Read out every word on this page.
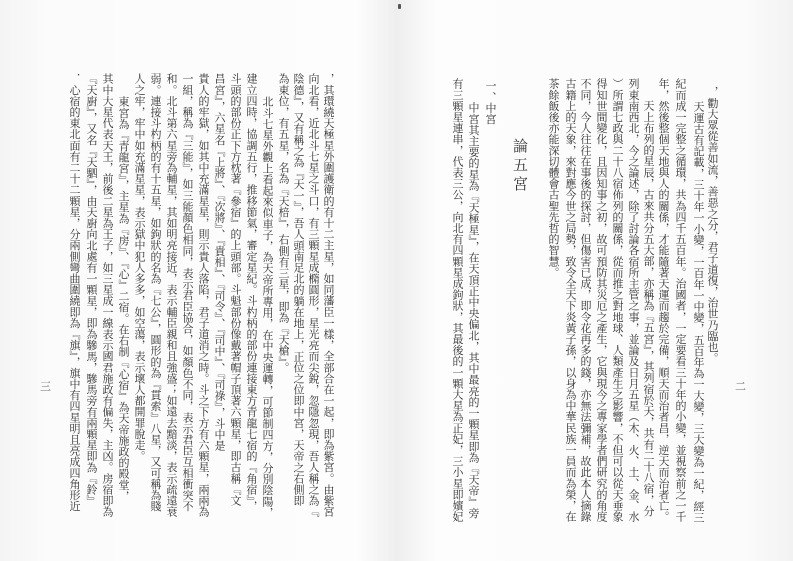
，勸大眾從善如流，善惡之分，君子道復，治世乃臨也。
天運古有記載，三十年一小變，一百年一中變，五百年為一大變，三大變為一紀，經三
紀而成一完整之循環，共為四千五百年。治國者，一定要看三十年的小變，並視察前之一千
年，然後整個天地與人的關係，才能隨著天運而趨於完備，順天而治者昌，逆天而治者亡。
天上布列的星辰，古來共分五大部，亦稱為『五宮』，其列宿於天，共有二十八宿，分
列東南西北，今之論述，除了討論各宿所主管之事，並論及日月五星（木、火、土、金、水
）所謂七政與二十八宿佈列的關係，從而推之對地球、人類產生之影響，不但可以從天垂象
得知世間變化，且因知事之初，故可預防其災厄之產生，它與現今之專家學者們研究的角度
不同，今人往往在事後的探討，但傷害已成，即令花再多的錢，亦無法彌補，故此本人摘錄
古籍上的天象，來對應今世之局勢，致令全天下炎黃子孫，以身為中華民族一員而為榮，在
茶餘飯後亦能深切體會古聖先哲的智慧。
論五宮
一、中宮
中宮其主要的星為『天極星』，在天頂正中央偏北，其中最亮的一顆星即為『天帝』旁
有三顆星連串，代表三公，向北有四顆星成鉤狀，其最後的一顆大星為正妃，三小星即嬪妃	二
，其環繞天極星外圍護衛的有十二主星，如同藩臣一樣，全部合在一起，即為紫宮。由紫宮
向北看，近北斗七星之斗口，有三顆星成橢圓形，星光亮而尖銳，忽隱忽現，吾人稱之為『
陰德』，又有稱之為『天一』，吾人頭南足北的躺在地上，正位之位即中宮，天帝之右側即
為東位，有五星，名為『天棓』，右側有三星，即為『天槍』。
北斗七星外觀上看起來似車子，為天帝所專用，在中央運轉，可節制四方，分別陰陽，
建立四時，協調五行，推移節氣，審定星紀。斗杓柄的部份連接東方青龍七宿的『角宿』，
斗頭的部份正下方枕著『參宿』的上頭部。斗魁部份像戴著帽子頂著六顆星，即古稱『文
昌宮』，六星名『上將』、『次將』、『貴相』、『司令』、『司中』、『司祿』，斗中是
貴人的牢獄，如其中充滿星星，則示貴人落陷，君子道消之時。斗之下方有六顆星，兩兩為
一組，稱為『三能』，如三能顏色相同，表示君臣協合，如顏色不同，表示君臣互相衝突不
和。北斗第六星旁為輔星，其如明亮接近，表示輔臣親和且強盛；如遠去黯淡，表示疏遠衰
弱。連接斗杓柄的有十五星，如鉤狀的名為『七公』，圓形的為『貫索』八星，又可稱為賤
人之牢，牢中如充滿星星，表示獄中犯人多多，如空蕩，表示壞人都開罪脫走。
東宮為『青龍宮』，主星為『房』、『心』二宿。在右制『心宿』為天帝施政的殿堂，
其中大星代表天王，前後二星為王子，如三星成一線表示國君施政有偏失，主凶。房宿即為
『天廚』，又名『天駟』，由天廚向北處有一顆星，即為驂馬，驂馬旁有兩顆星即為『鈴』
．心宿的東北面有二十二顆星，分兩側彎曲圍繞即為『旗』，旗中有四星明且亮成四角形近
三
